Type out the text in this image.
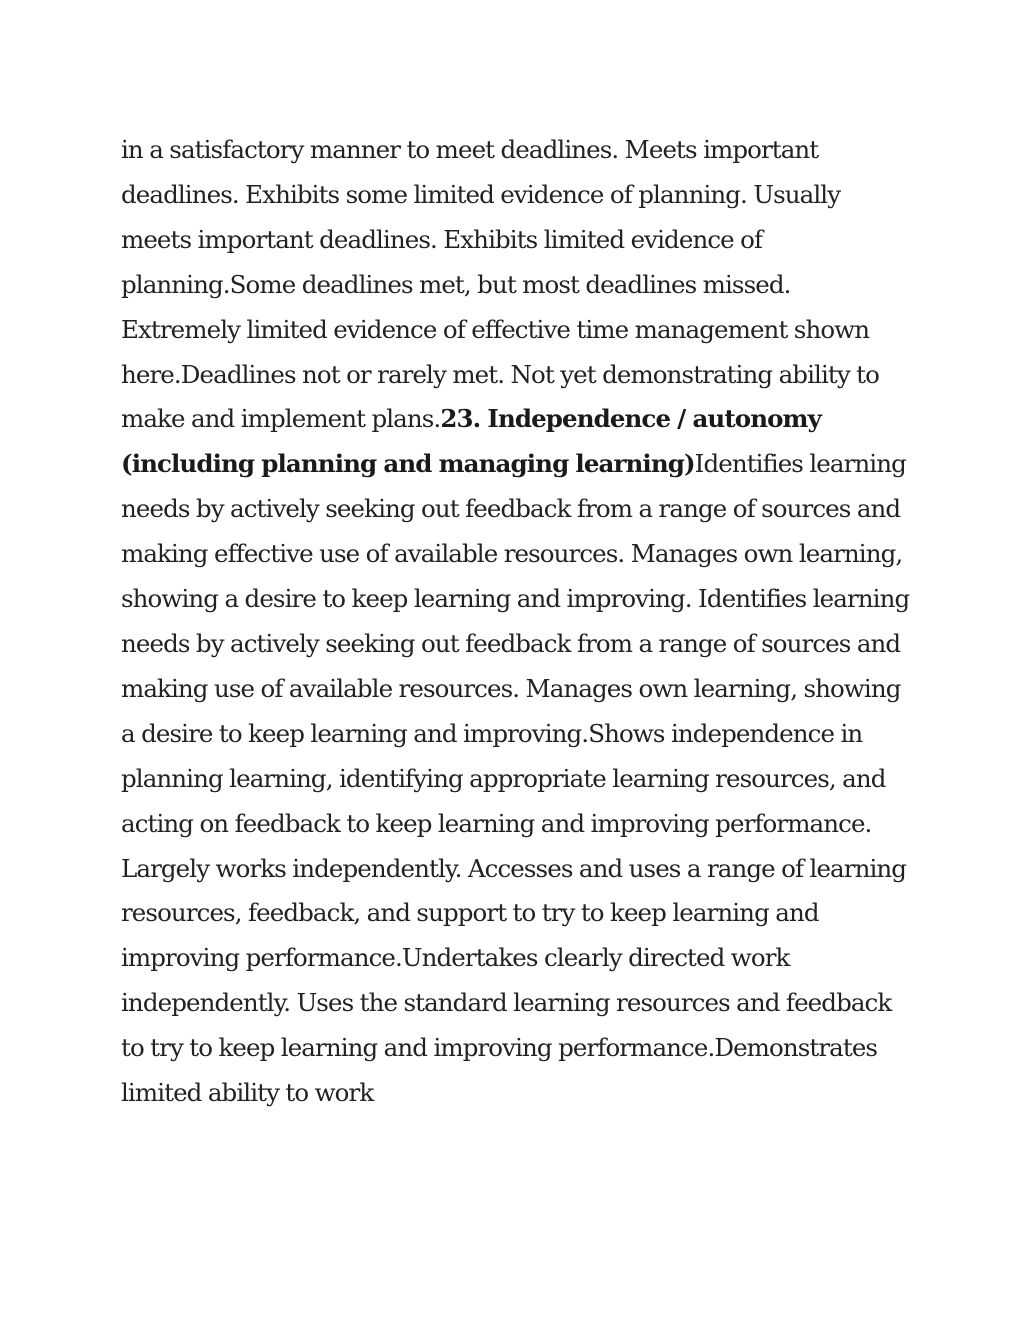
in a satisfactory manner to meet deadlines. Meets important deadlines. Exhibits some limited evidence of planning. Usually meets important deadlines. Exhibits limited evidence of planning.Some deadlines met, but most deadlines missed. Extremely limited evidence of effective time management shown here.Deadlines not or rarely met. Not yet demonstrating ability to make and implement plans.23. Independence / autonomy (including planning and managing learning)Identifies learning needs by actively seeking out feedback from a range of sources and making effective use of available resources. Manages own learning, showing a desire to keep learning and improving. Identifies learning needs by actively seeking out feedback from a range of sources and making use of available resources. Manages own learning, showing a desire to keep learning and improving.Shows independence in planning learning, identifying appropriate learning resources, and acting on feedback to keep learning and improving performance. Largely works independently. Accesses and uses a range of learning resources, feedback, and support to try to keep learning and improving performance.Undertakes clearly directed work independently. Uses the standard learning resources and feedback to try to keep learning and improving performance.Demonstrates limited ability to work
